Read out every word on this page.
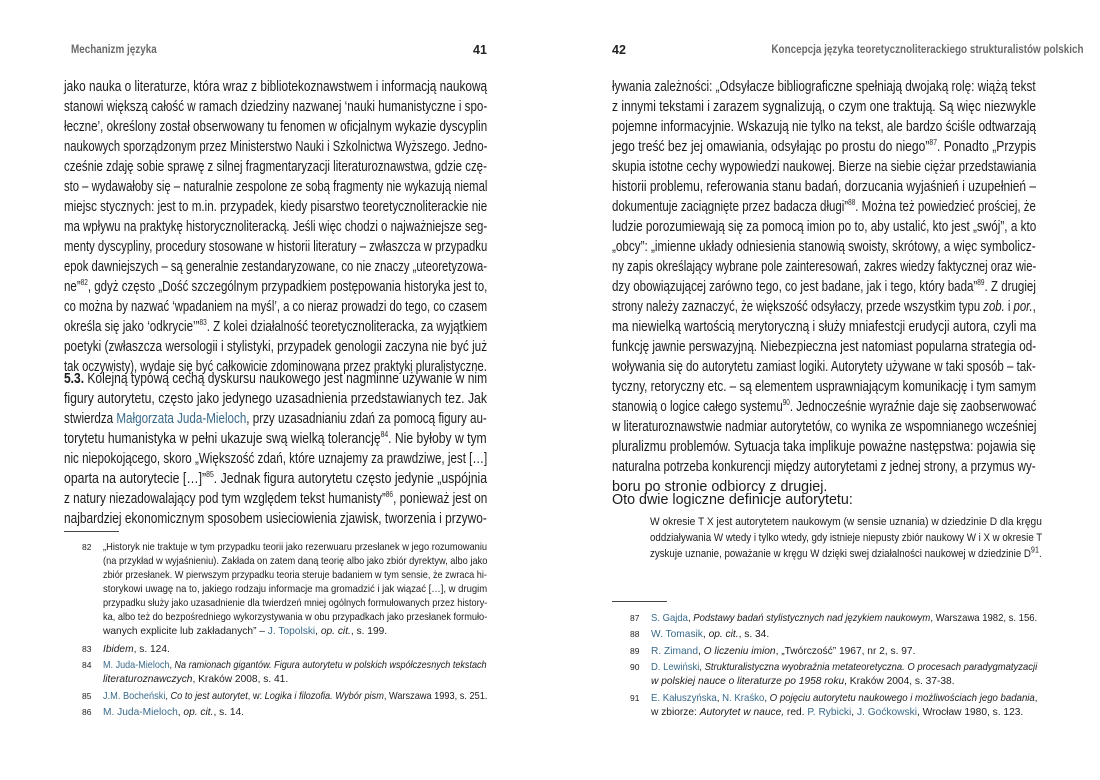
Mechanizm języka	41
jako nauka o literaturze, która wraz z bibliotekoznawstwem i informacją naukową
stanowi większą całość w ramach dziedziny nazwanej ‘nauki humanistyczne i spo-
łeczne’, określony został obserwowany tu fenomen w oficjalnym wykazie dyscyplin
naukowych sporządzonym przez Ministerstwo Nauki i Szkolnictwa Wyższego. Jedno-
cześnie zdaję sobie sprawę z silnej fragmentaryzacji literaturoznawstwa, gdzie czę-
sto – wydawałoby się – naturalnie zespolone ze sobą fragmenty nie wykazują niemal
miejsc stycznych: jest to m.in. przypadek, kiedy pisarstwo teoretycznoliterackie nie
ma wpływu na praktykę historycznoliteracką. Jeśli więc chodzi o najważniejsze seg-
menty dyscypliny, procedury stosowane w historii literatury – zwłaszcza w przypadku
epok dawniejszych – są generalnie zestandaryzowane, co nie znaczy „uteoretyzowa-
ne”$^{82}$, gdyż często „Dość szczególnym przypadkiem postępowania historyka jest to,
co można by nazwać ‘wpadaniem na myśl’, a co nieraz prowadzi do tego, co czasem
określa się jako ‘odkrycie’”$^{83}$. Z kolei działalność teoretycznoliteracka, za wyjątkiem
poetyki (zwłaszcza wersologii i stylistyki, przypadek genologii zaczyna nie być już
tak oczywisty), wydaje się być całkowicie zdominowana przez praktyki pluralistyczne.
5.3. Kolejną typową cechą dyskursu naukowego jest nagminne używanie w nim
figury autorytetu, często jako jedynego uzasadnienia przedstawianych tez. Jak
stwierdza Małgorzata Juda-Mieloch, przy uzasadnianiu zdań za pomocą figury au-
torytetu humanistyka w pełni ukazuje swą wielką tolerancję$^{84}$. Nie byłoby w tym
nic niepokojącego, skoro „Większość zdań, które uznajemy za prawdziwe, jest […]
oparta na autorytecie […]”$^{85}$. Jednak figura autorytetu często jedynie „uspójnia
z natury niezadowalający pod tym względem tekst humanisty”$^{86}$, ponieważ jest on
najbardziej ekonomicznym sposobem usieciowienia zjawisk, tworzenia i przywo-
82 „Historyk nie traktuje w tym przypadku teorii jako rezerwuaru przesłanek w jego rozumowaniu
(na przykład w wyjaśnieniu). Zakłada on zatem daną teorię albo jako zbiór dyrektyw, albo jako
zbiór przesłanek. W pierwszym przypadku teoria steruje badaniem w tym sensie, że zwraca hi-
storykowi uwagę na to, jakiego rodzaju informacje ma gromadzić i jak wiązać […], w drugim
przypadku służy jako uzasadnienie dla twierdzeń mniej ogólnych formułowanych przez history-
ka, albo też do bezpośredniego wykorzystywania w obu przypadkach jako przesłanek formuło-
wanych explicite lub zakładanych” – J. Topolski, op. cit., s. 199.
83 Ibidem, s. 124.
84 M. Juda-Mieloch, Na ramionach gigantów. Figura autorytetu w polskich współczesnych tekstach
literaturoznawczych, Kraków 2008, s. 41.
85 J.M. Bocheński, Co to jest autorytet, w: Logika i filozofia. Wybór pism, Warszawa 1993, s. 251.
86 M. Juda-Mieloch, op. cit., s. 14.
42	Koncepcja języka teoretycznoliterackiego strukturalistów polskich
ływania zależności: „Odsyłacze bibliograficzne spełniają dwojaką rolę: wiążą tekst
z innymi tekstami i zarazem sygnalizują, o czym one traktują. Są więc niezwykle
pojemne informacyjnie. Wskazują nie tylko na tekst, ale bardzo ściśle odtwarzają
jego treść bez jej omawiania, odsyłając po prostu do niego”$^{87}$. Ponadto „Przypis
skupia istotne cechy wypowiedzi naukowej. Bierze na siebie ciężar przedstawiania
historii problemu, referowania stanu badań, dorzucania wyjaśnień i uzupełnień –
dokumentuje zaciągnięte przez badacza długi”$^{88}$. Można też powiedzieć prościej, że
ludzie porozumiewają się za pomocą imion po to, aby ustalić, kto jest „swój”, a kto
„obcy”: „imienne układy odniesienia stanowią swoisty, skrótowy, a więc symbolicz-
ny zapis określający wybrane pole zainteresowań, zakres wiedzy faktycznej oraz wie-
dzy obowiązującej zarówno tego, co jest badane, jak i tego, który bada”$^{89}$. Z drugiej
strony należy zaznaczyć, że większość odsyłaczy, przede wszystkim typu zob. i por.,
ma niewielką wartością merytoryczną i służy mniafestcji erudycji autora, czyli ma
funkcję jawnie perswazyjną. Niebezpieczna jest natomiast popularna strategia od-
woływania się do autorytetu zamiast logiki. Autorytety używane w taki sposób – tak-
tyczny, retoryczny etc. – są elementem usprawniającym komunikację i tym samym
stanowią o logice całego systemu$^{90}$. Jednocześnie wyraźnie daje się zaobserwować
w literaturoznawstwie nadmiar autorytetów, co wynika ze wspomnianego wcześniej
pluralizmu problemów. Sytuacja taka implikuje poważne następstwa: pojawia się
naturalna potrzeba konkurencji między autorytetami z jednej strony, a przymus wy-
boru po stronie odbiorcy z drugiej.
Oto dwie logiczne definicje autorytetu:
W okresie T X jest autorytetem naukowym (w sensie uznania) w dziedzinie D dla kręgu
oddziaływania W wtedy i tylko wtedy, gdy istnieje niepusty zbiór naukowy W i X w okresie T
zyskuje uznanie, poważanie w kręgu W dzięki swej działalności naukowej w dziedzinie $D^{91}$.
87 S. Gajda, Podstawy badań stylistycznych nad językiem naukowym, Warszawa 1982, s. 156.
88 W. Tomasik, op. cit., s. 34.
89 R. Zimand, O liczeniu imion, „Twórczość” 1967, nr 2, s. 97.
90 D. Lewiński, Strukturalistyczna wyobraźnia metateoretyczna. O procesach paradygmatyzacji
w polskiej nauce o literaturze po 1958 roku, Kraków 2004, s. 37-38.
91 E. Kałuszyńska, N. Kraśko, O pojęciu autorytetu naukowego i możliwościach jego badania,
w zbiorze: Autorytet w nauce, red. P. Rybicki, J. Gоćkowski, Wrocław 1980, s. 123.
